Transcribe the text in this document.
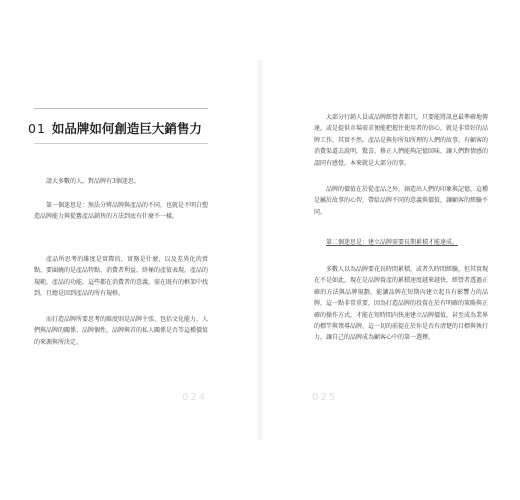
01 如品牌如何創造巨大銷售力

請大多數的人，對品牌有3個迷思。

第一個迷思是：無法分辨品牌與產品的不同，也就是不明白塑造品牌能力與從舊產品銷售的方法到底有什麼不一樣。

產品所思考的維度是實際的，實務是什麼，以及差異化的賣點，要圍繞的是產品特點、消費者利益、終極的產值表現，產品的規範，產品的功能，這些都在消費者的意義，需在既有的框架中找到，且總是回到產品的所有規格。

而打造品牌所要思考的維度則是品牌主張、包括文化能力、人們與品牌的關係、品牌個性，品牌與首的私人關係是否等這種價值的來源與所決定。

024

大部分行銷人員或品牌經營者都只，只要能將訊息最準確地傳達，或是提供市場需求便能把握住使用者的信心，就是非常好的品牌工作，其實不然。產品是與你所知所理的人們的故事，有顧客的消費渠道去說明，驚喜、修正人們能夠記憶回味，讓人們對情感的認同有感覺，本來就是大部分的事。

品牌的價值在於從產品之外，創造出人們的印象與記憶，這種是屬於故事的心智，帶給品牌不同的意義與價值，讓顧客的經驗不同。

第二個迷思是：建立品牌需要長期累積才能達成。

多數人以為品牌要花長時間累積，或者久時間經驗，但其實現在不是如此，現在是品牌資產的累積速度越來越快，經營者透過正確的方法與品牌規劃，能讓品牌在短期內建立起具有影響力的品牌，這一點非常重要，因為打造品牌的投資在於有明確的策略與正確的操作方式，才能在短時間內快速建立品牌價值，甚至成為業界的標竿與領導品牌，這一切的前提在於你是否有清楚的目標與執行力，讓自己的品牌成為顧客心中的第一選擇。

025
